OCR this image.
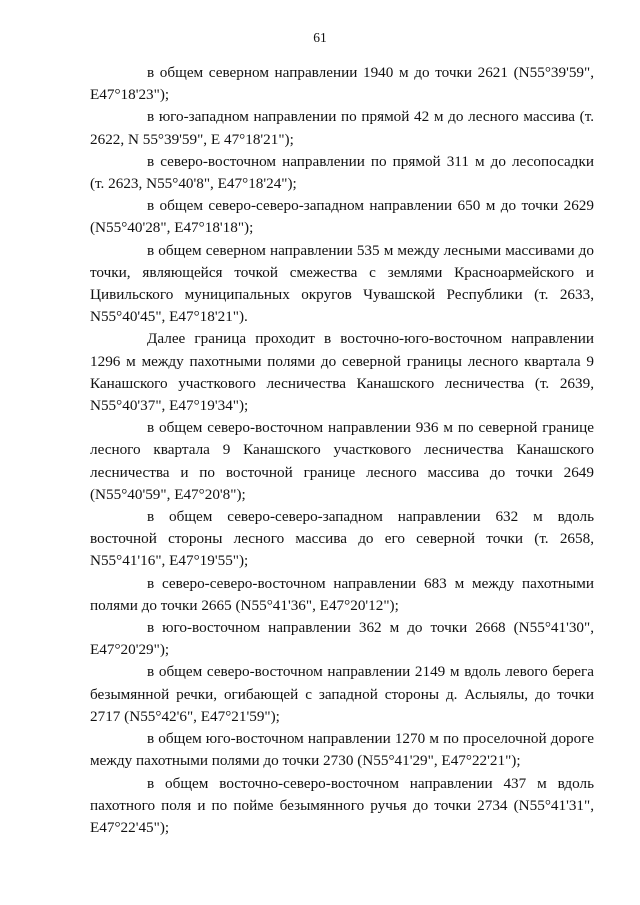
61

в общем северном направлении 1940 м до точки 2621 (N55°39'59", E47°18'23");

в юго-западном направлении по прямой 42 м до лесного массива (т. 2622, N 55°39'59", E 47°18'21");

в северо-восточном направлении по прямой 311 м до лесопосадки (т. 2623, N55°40'8", E47°18'24");

в общем северо-северо-западном направлении 650 м до точки 2629 (N55°40'28", E47°18'18");

в общем северном направлении 535 м между лесными массивами до точки, являющейся точкой смежества с землями Красноармейского и Цивильского муниципальных округов Чувашской Республики (т. 2633, N55°40'45", E47°18'21").

Далее граница проходит в восточно-юго-восточном направлении 1296 м между пахотными полями до северной границы лесного квартала 9 Канашского участкового лесничества Канашского лесничества (т. 2639, N55°40'37", E47°19'34");

в общем северо-восточном направлении 936 м по северной границе лесного квартала 9 Канашского участкового лесничества Канашского лесничества и по восточной границе лесного массива до точки 2649 (N55°40'59", E47°20'8");

в общем северо-северо-западном направлении 632 м вдоль восточной стороны лесного массива до его северной точки (т. 2658, N55°41'16", E47°19'55");

в северо-северо-восточном направлении 683 м между пахотными полями до точки 2665 (N55°41'36", E47°20'12");

в юго-восточном направлении 362 м до точки 2668 (N55°41'30", E47°20'29");

в общем северо-восточном направлении 2149 м вдоль левого берега безымянной речки, огибающей с западной стороны д. Аслыялы, до точки 2717 (N55°42'6", E47°21'59");

в общем юго-восточном направлении 1270 м по проселочной дороге между пахотными полями до точки 2730 (N55°41'29", E47°22'21");

в общем восточно-северо-восточном направлении 437 м вдоль пахотного поля и по пойме безымянного ручья до точки 2734 (N55°41'31", E47°22'45");
